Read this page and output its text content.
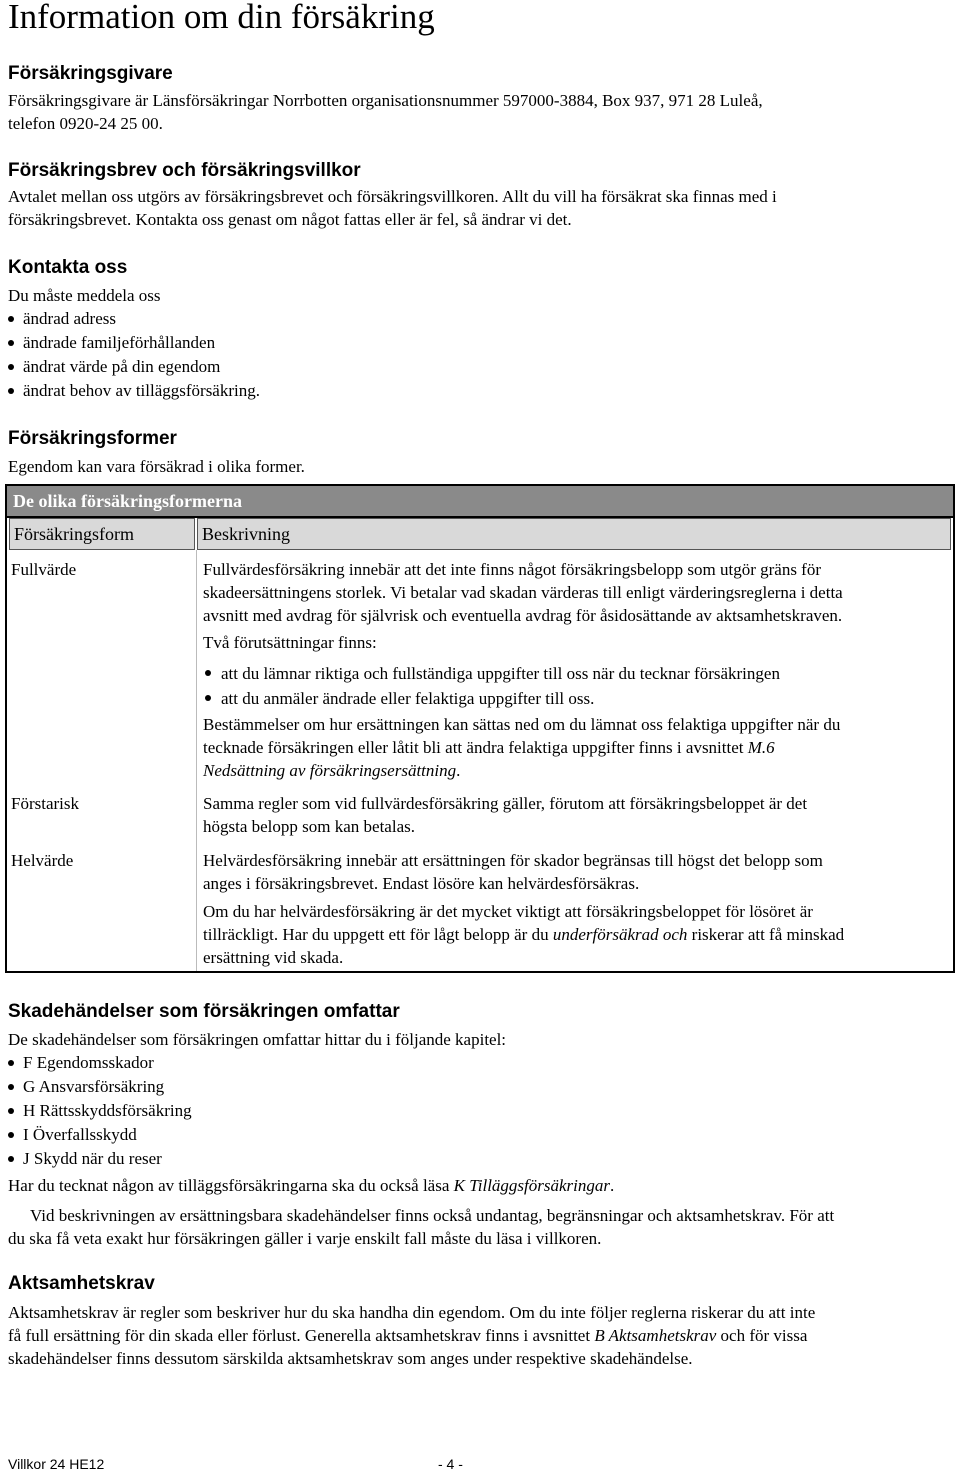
Information om din försäkring
Försäkringsgivare
Försäkringsgivare är Länsförsäkringar Norrbotten organisationsnummer 597000-3884, Box 937, 971 28 Luleå,
telefon 0920-24 25 00.
Försäkringsbrev och försäkringsvillkor
Avtalet mellan oss utgörs av försäkringsbrevet och försäkringsvillkoren. Allt du vill ha försäkrat ska finnas med i
försäkringsbrevet. Kontakta oss genast om något fattas eller är fel, så ändrar vi det.
Kontakta oss
Du måste meddela oss
ändrad adress
ändrade familjeförhållanden
ändrat värde på din egendom
ändrat behov av tilläggsförsäkring.
Försäkringsformer
Egendom kan vara försäkrad i olika former.
De olika försäkringsformerna
Försäkringsform	Beskrivning
Fullvärde	Fullvärdesförsäkring innebär att det inte finns något försäkringsbelopp som utgör gräns för
skadeersättningens storlek. Vi betalar vad skadan värderas till enligt värderingsreglerna i detta
avsnitt med avdrag för självrisk och eventuella avdrag för åsidosättande av aktsamhetskraven.
Två förutsättningar finns:
att du lämnar riktiga och fullständiga uppgifter till oss när du tecknar försäkringen
att du anmäler ändrade eller felaktiga uppgifter till oss.
Bestämmelser om hur ersättningen kan sättas ned om du lämnat oss felaktiga uppgifter när du
tecknade försäkringen eller låtit bli att ändra felaktiga uppgifter finns i avsnittet M.6
Nedsättning av försäkringsersättning.
Förstarisk	Samma regler som vid fullvärdesförsäkring gäller, förutom att försäkringsbeloppet är det
högsta belopp som kan betalas.
Helvärde	Helvärdesförsäkring innebär att ersättningen för skador begränsas till högst det belopp som
anges i försäkringsbrevet. Endast lösöre kan helvärdesförsäkras.
Om du har helvärdesförsäkring är det mycket viktigt att försäkringsbeloppet för lösöret är
tillräckligt. Har du uppgett ett för lågt belopp är du underförsäkrad och riskerar att få minskad
ersättning vid skada.
Skadehändelser som försäkringen omfattar
De skadehändelser som försäkringen omfattar hittar du i följande kapitel:
F Egendomsskador
G Ansvarsförsäkring
H Rättsskyddsförsäkring
I Överfallsskydd
J Skydd när du reser
Har du tecknat någon av tilläggsförsäkringarna ska du också läsa K Tilläggsförsäkringar.
Vid beskrivningen av ersättningsbara skadehändelser finns också undantag, begränsningar och aktsamhetskrav. För att
du ska få veta exakt hur försäkringen gäller i varje enskilt fall måste du läsa i villkoren.
Aktsamhetskrav
Aktsamhetskrav är regler som beskriver hur du ska handha din egendom. Om du inte följer reglerna riskerar du att inte
få full ersättning för din skada eller förlust. Generella aktsamhetskrav finns i avsnittet B Aktsamhetskrav och för vissa
skadehändelser finns dessutom särskilda aktsamhetskrav som anges under respektive skadehändelse.
Villkor 24 HE12	- 4 -
